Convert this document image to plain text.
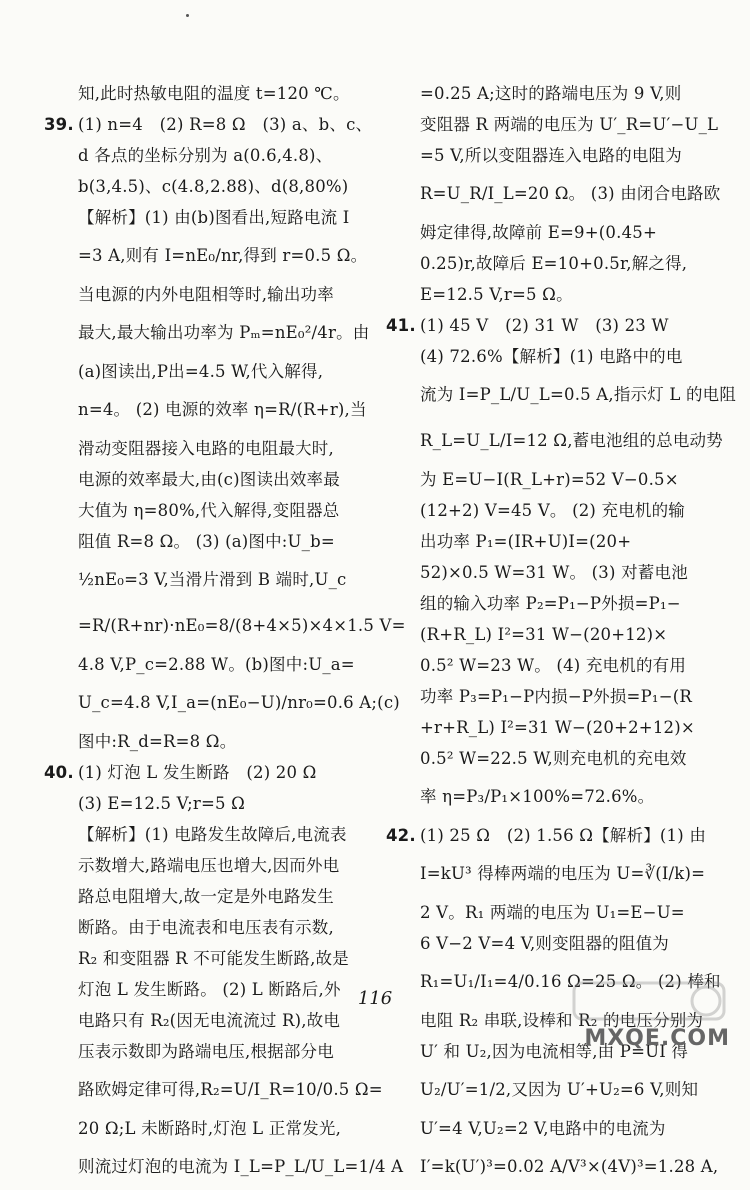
知,此时热敏电阻的温度 t=120 ℃。
39. (1) n=4　(2) R=8 Ω　(3) a、b、c、
d 各点的坐标分别为 a(0.6,4.8)、
b(3,4.5)、c(4.8,2.88)、d(8,80%)
【解析】(1) 由(b)图看出,短路电流 I
=3 A,则有 I=nE₀/nr,得到 r=0.5 Ω。
当电源的内外电阻相等时,输出功率
最大,最大输出功率为 Pₘ=nE₀²/4r。由
(a)图读出,P出=4.5 W,代入解得,
n=4。 (2) 电源的效率 η=R/(R+r),当
滑动变阻器接入电路的电阻最大时,
电源的效率最大,由(c)图读出效率最
大值为 η=80%,代入解得,变阻器总
阻值 R=8 Ω。 (3) (a)图中:U_b=
½nE₀=3 V,当滑片滑到 B 端时,U_c
=R/(R+nr)·nE₀=8/(8+4×5)×4×1.5 V=
4.8 V,P_c=2.88 W。(b)图中:U_a=
U_c=4.8 V,I_a=(nE₀−U)/nr₀=0.6 A;(c)
图中:R_d=R=8 Ω。
40. (1) 灯泡 L 发生断路　(2) 20 Ω
(3) E=12.5 V;r=5 Ω
【解析】(1) 电路发生故障后,电流表
示数增大,路端电压也增大,因而外电
路总电阻增大,故一定是外电路发生
断路。由于电流表和电压表有示数,
R₂ 和变阻器 R 不可能发生断路,故是
灯泡 L 发生断路。 (2) L 断路后,外
电路只有 R₂(因无电流流过 R),故电
压表示数即为路端电压,根据部分电
路欧姆定律可得,R₂=U/I_R=10/0.5 Ω=
20 Ω;L 未断路时,灯泡 L 正常发光,
则流过灯泡的电流为 I_L=P_L/U_L=1/4 A
=0.25 A;这时的路端电压为 9 V,则
变阻器 R 两端的电压为 U′_R=U′−U_L
=5 V,所以变阻器连入电路的电阻为
R=U_R/I_L=20 Ω。 (3) 由闭合电路欧
姆定律得,故障前 E=9+(0.45+
0.25)r,故障后 E=10+0.5r,解之得,
E=12.5 V,r=5 Ω。
41. (1) 45 V　(2) 31 W　(3) 23 W
(4) 72.6%【解析】(1) 电路中的电
流为 I=P_L/U_L=0.5 A,指示灯 L 的电阻
R_L=U_L/I=12 Ω,蓄电池组的总电动势
为 E=U−I(R_L+r)=52 V−0.5×
(12+2) V=45 V。 (2) 充电机的输
出功率 P₁=(IR+U)I=(20+
52)×0.5 W=31 W。 (3) 对蓄电池
组的输入功率 P₂=P₁−P外损=P₁−
(R+R_L) I²=31 W−(20+12)×
0.5² W=23 W。 (4) 充电机的有用
功率 P₃=P₁−P内损−P外损=P₁−(R
+r+R_L) I²=31 W−(20+2+12)×
0.5² W=22.5 W,则充电机的充电效
率 η=P₃/P₁×100%=72.6%。
42. (1) 25 Ω　(2) 1.56 Ω【解析】(1) 由
I=kU³ 得棒两端的电压为 U=∛(I/k)=
2 V。R₁ 两端的电压为 U₁=E−U=
6 V−2 V=4 V,则变阻器的阻值为
R₁=U₁/I₁=4/0.16 Ω=25 Ω。 (2) 棒和
电阻 R₂ 串联,设棒和 R₂ 的电压分别为
U′ 和 U₂,因为电流相等,由 P=UI 得
U₂/U′=1/2,又因为 U′+U₂=6 V,则知
U′=4 V,U₂=2 V,电路中的电流为
I′=k(U′)³=0.02 A/V³×(4V)³=1.28 A,
116
MXQE.COM
